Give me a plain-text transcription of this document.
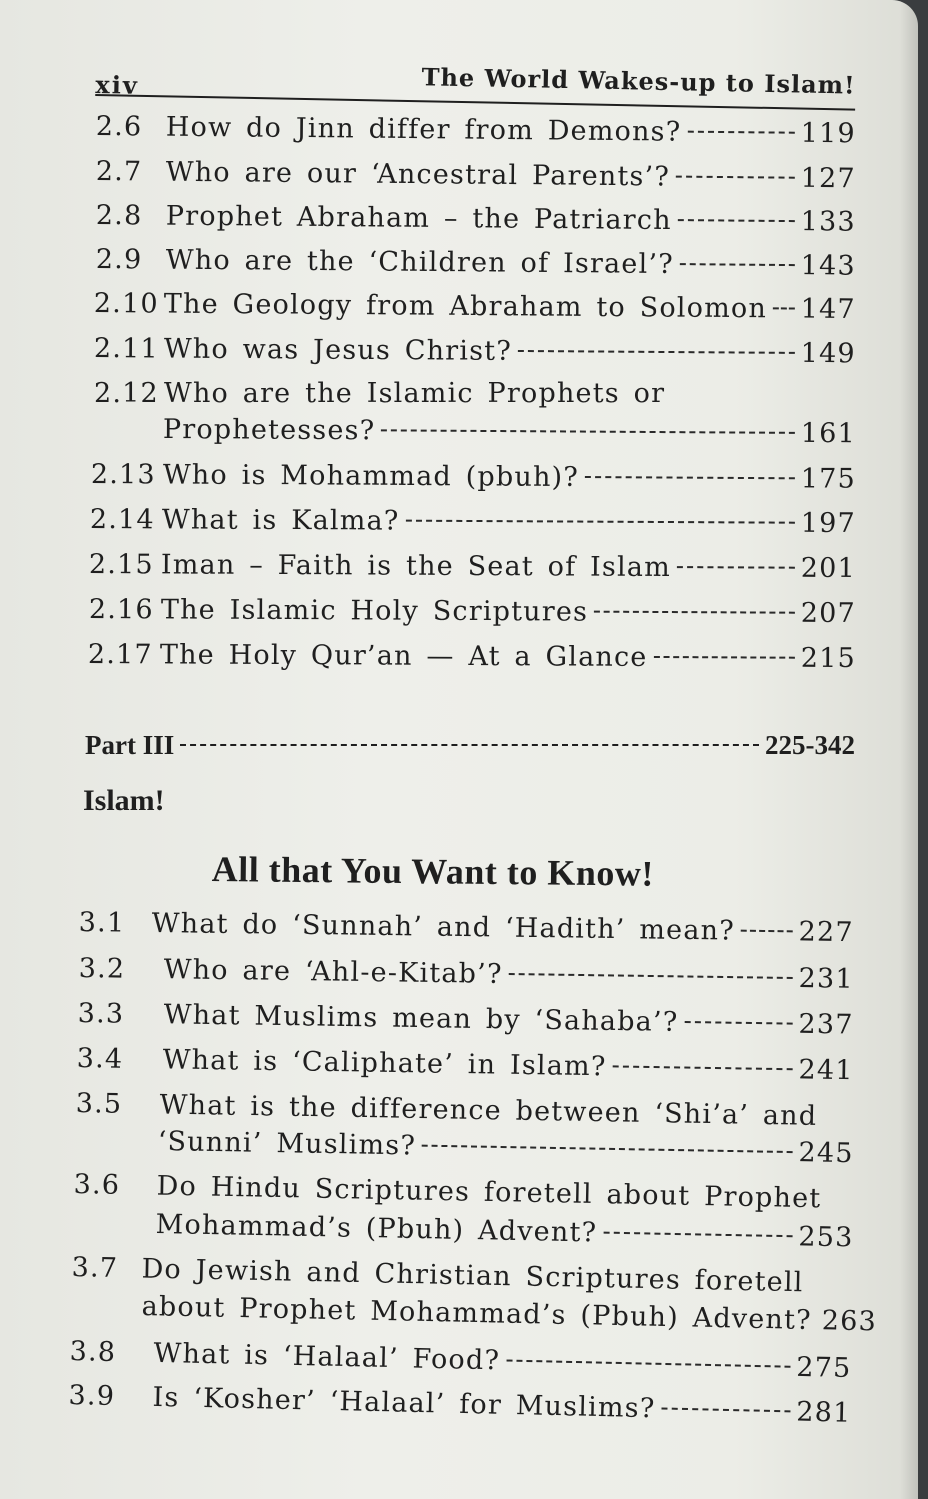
xiv	The World Wakes-up to Islam!
2.6 How do Jinn differ from Demons?	119
2.7 Who are our ‘Ancestral Parents’?	127
2.8 Prophet Abraham – the Patriarch	133
2.9 Who are the ‘Children of Israel’?	143
2.10 The Geology from Abraham to Solomon 147
2.11 Who was Jesus Christ?	149
2.12 Who are the Islamic Prophets or
Prophetesses?	161
2.13 Who is Mohammad (pbuh)?	175
2.14 What is Kalma?	197
2.15 Iman – Faith is the Seat of Islam	201
2.16 The Islamic Holy Scriptures	207
2.17 The Holy Qur’an — At a Glance	215
Part III	225-342
Islam!
All that You Want to Know!
3.1 What do ‘Sunnah’ and ‘Hadith’ mean? 227
3.2	Who are ‘Ahl-e-Kitab’?	231
3.3	What Muslims mean by ‘Sahaba’?	237
3.4	What is ‘Caliphate’ in Islam?	241
3.5 What is the difference between ‘Shi’a’ and
‘Sunni’ Muslims?	245
3.6 Do Hindu Scriptures foretell about Prophet
Mohammad’s (Pbuh) Advent?	253
3.7 Do Jewish and Christian Scriptures foretell
about Prophet Mohammad’s (Pbuh) Advent? 263
3.8	What is ‘Halaal’ Food?	275
3.9	Is ‘Kosher’ ‘Halaal’ for Muslims?	281
